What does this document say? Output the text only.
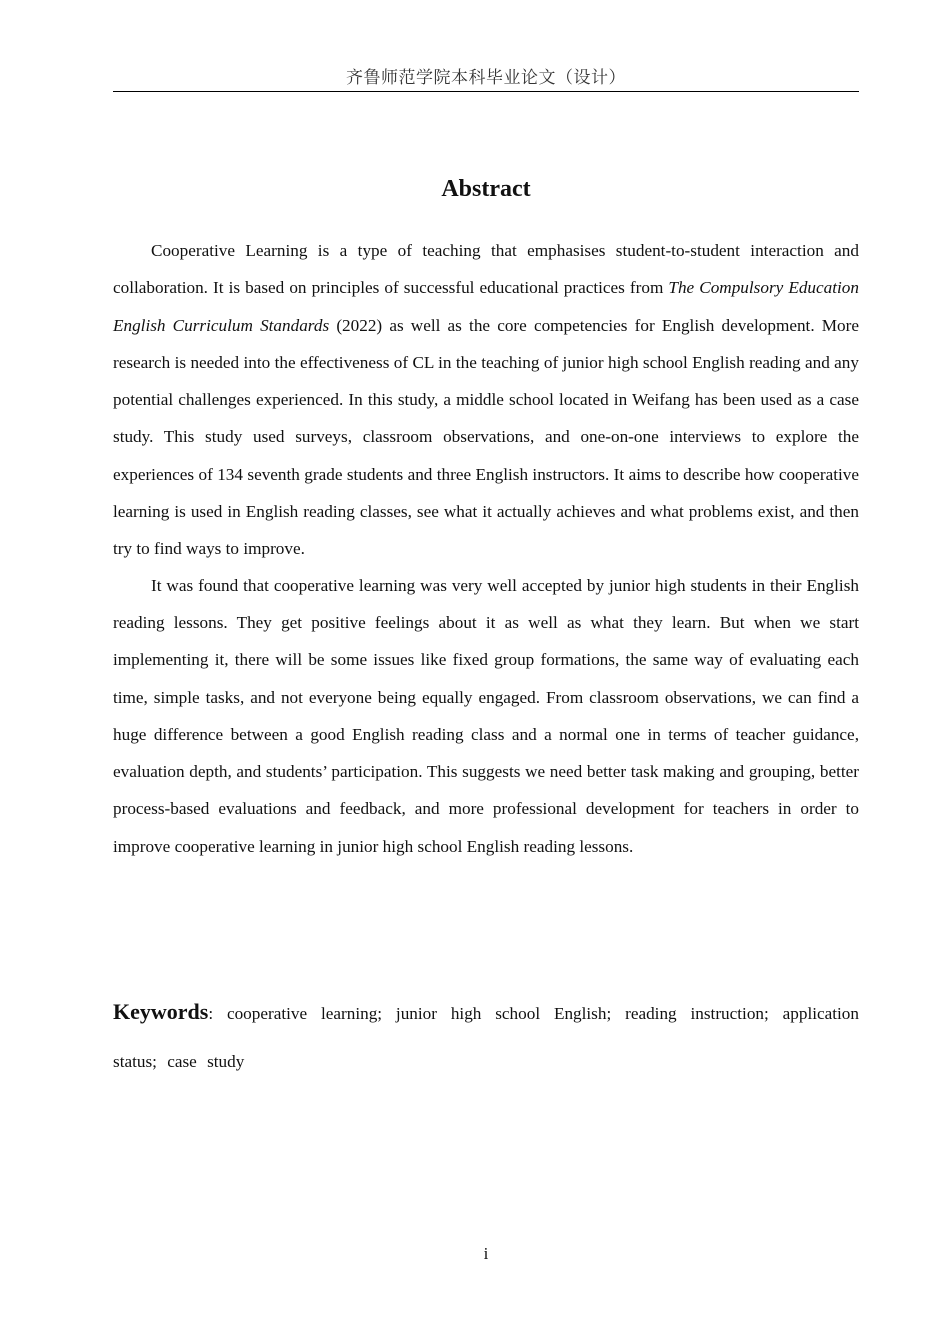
齐鲁师范学院本科毕业论文（设计）
Abstract

Cooperative Learning is a type of teaching that emphasises student-to-student interaction and collaboration. It is based on principles of successful educational practices from The Compulsory Education English Curriculum Standards (2022) as well as the core competencies for English development. More research is needed into the effectiveness of CL in the teaching of junior high school English reading and any potential challenges experienced. In this study, a middle school located in Weifang has been used as a case study. This study used surveys, classroom observations, and one-on-one interviews to explore the experiences of 134 seventh grade students and three English instructors. It aims to describe how cooperative learning is used in English reading classes, see what it actually achieves and what problems exist, and then try to find ways to improve.

It was found that cooperative learning was very well accepted by junior high students in their English reading lessons. They get positive feelings about it as well as what they learn. But when we start implementing it, there will be some issues like fixed group formations, the same way of evaluating each time, simple tasks, and not everyone being equally engaged. From classroom observations, we can find a huge difference between a good English reading class and a normal one in terms of teacher guidance, evaluation depth, and students’ participation. This suggests we need better task making and grouping, better process-based evaluations and feedback, and more professional development for teachers in order to improve cooperative learning in junior high school English reading lessons.

Keywords: cooperative learning; junior high school English; reading instruction; application status; case study
i
